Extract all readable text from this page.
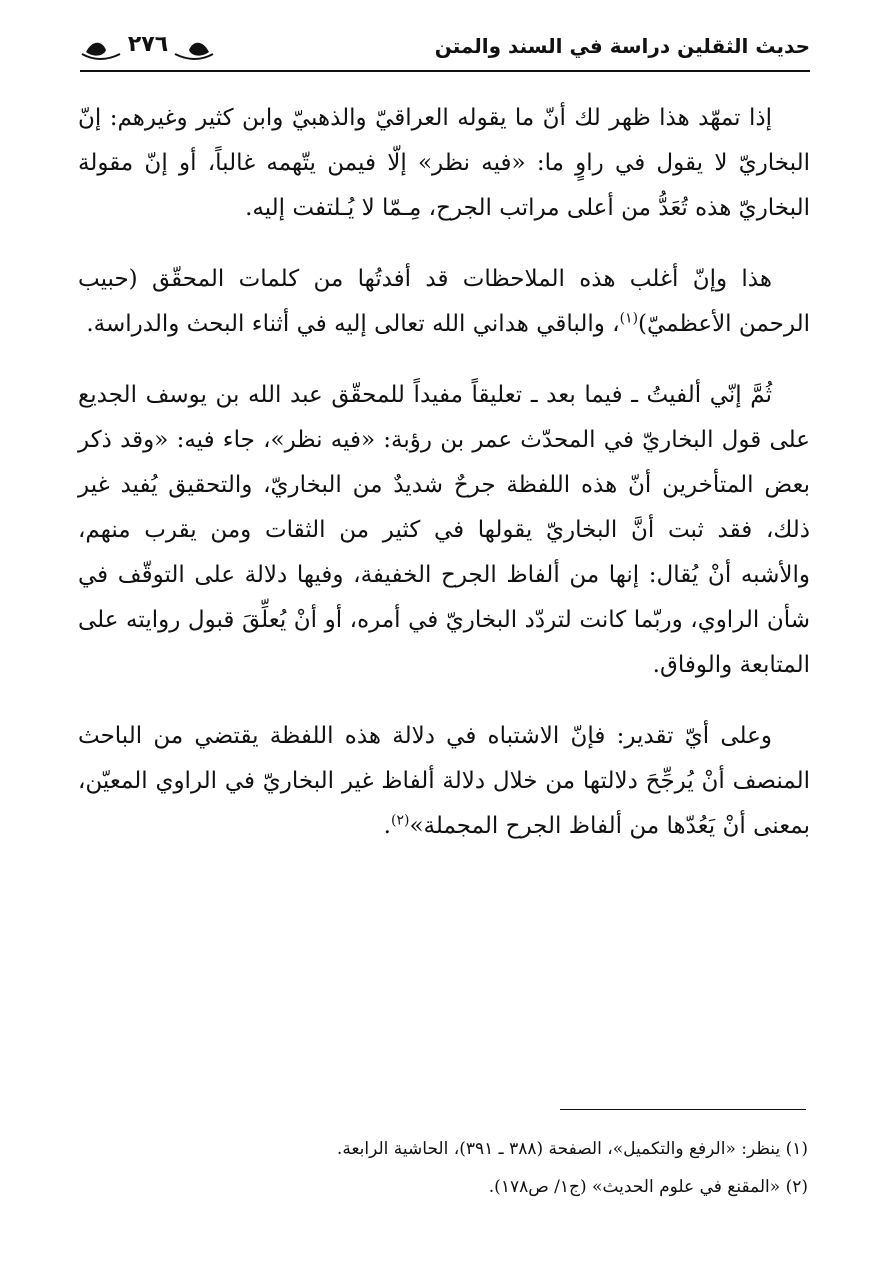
حديث الثقلين دراسة في السند والمتن
٢٧٦

إذا تمهّد هذا ظهر لك أنّ ما يقوله العراقيّ والذهبيّ وابن كثير وغيرهم: إنّ البخاريّ لا يقول في راوٍ ما: «فيه نظر» إلّا فيمن يتّهمه غالباً، أو إنّ مقولة البخاريّ هذه تُعَدُّ من أعلى مراتب الجرح، مِـمّا لا يُـلتفت إليه.

هذا وإنّ أغلب هذه الملاحظات قد أفدتُها من كلمات المحقّق (حبيب الرحمن الأعظميّ)$^{(١)}$، والباقي هداني الله تعالى إليه في أثناء البحث والدراسة.

ثُمَّ إنّي ألفيتُ ـ فيما بعد ـ تعليقاً مفيداً للمحقّق عبد الله بن يوسف الجديع على قول البخاريّ في المحدّث عمر بن رؤبة: «فيه نظر»، جاء فيه: «وقد ذكر بعض المتأخرين أنّ هذه اللفظة جرحٌ شديدٌ من البخاريّ، والتحقيق يُفيد غير ذلك، فقد ثبت أنَّ البخاريّ يقولها في كثير من الثقات ومن يقرب منهم، والأشبه أنْ يُقال: إنها من ألفاظ الجرح الخفيفة، وفيها دلالة على التوقّف في شأن الراوي، وربّما كانت لتردّد البخاريّ في أمره، أو أنْ يُعلِّقَ قبول روايته على المتابعة والوفاق.

وعلى أيّ تقدير: فإنّ الاشتباه في دلالة هذه اللفظة يقتضي من الباحث المنصف أنْ يُرجِّحَ دلالتها من خلال دلالة ألفاظ غير البخاريّ في الراوي المعيّن، بمعنى أنْ يَعُدّها من ألفاظ الجرح المجملة»$^{(٢)}$.

(١) ينظر: «الرفع والتكميل»، الصفحة (٣٨٨ ـ ٣٩١)، الحاشية الرابعة.
(٢) «المقنع في علوم الحديث» (ج١/ ص١٧٨).
